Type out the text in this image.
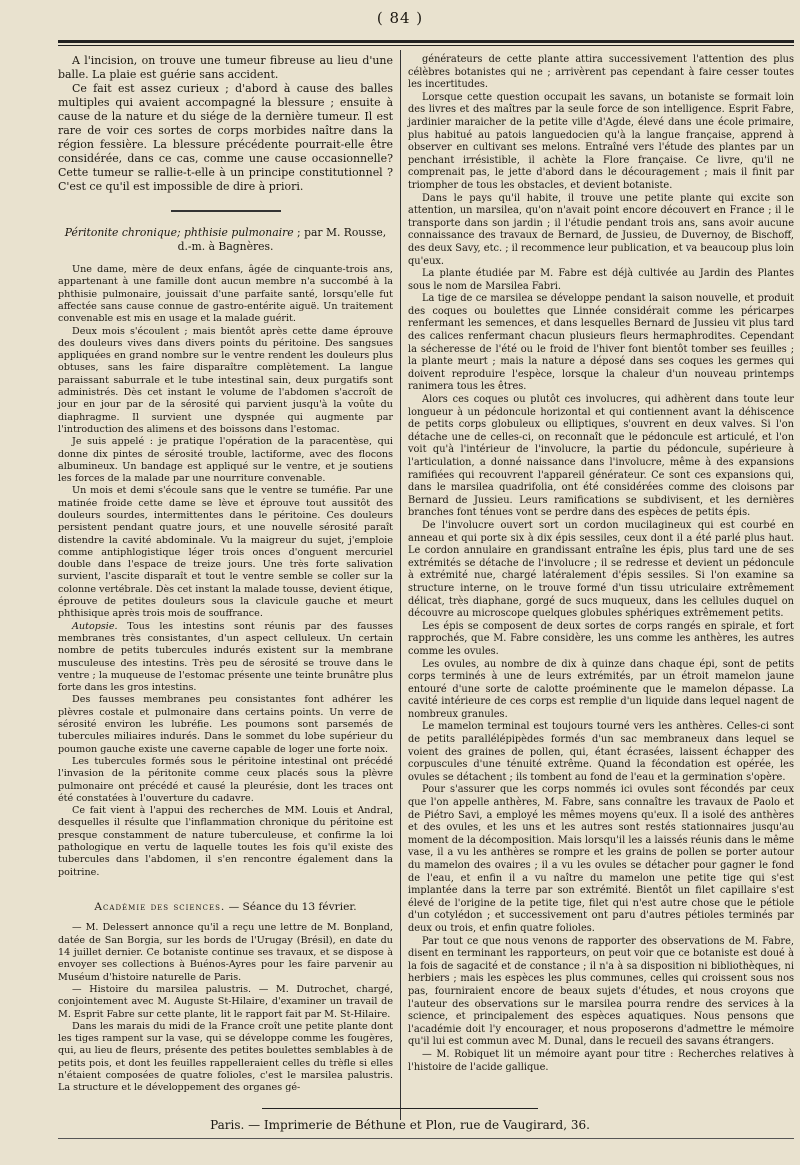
( 84 )

A l'incision, on trouve une tumeur fibreuse au lieu d'une balle. La plaie est guérie sans accident.

Ce fait est assez curieux ; d'abord à cause des balles multiples qui avaient accompagné la blessure ; ensuite à cause de la nature et du siége de la dernière tumeur. Il est rare de voir ces sortes de corps morbides naître dans la région fessière. La blessure précédente pourrait-elle être considérée, dans ce cas, comme une cause occasionnelle? Cette tumeur se rallie-t-elle à un principe constitutionnel ? C'est ce qu'il est impossible de dire à priori.

Péritonite chronique; phthisie pulmonaire ; par M. Rousse, d.-m. à Bagnères.

Une dame, mère de deux enfans, âgée de cinquante-trois ans, appartenant à une famille dont aucun membre n'a succombé à la phthisie pulmonaire, jouissait d'une parfaite santé, lorsqu'elle fut affectée sans cause connue de gastro-entérite aiguë. Un traitement convenable est mis en usage et la malade guérit.

Deux mois s'écoulent ; mais bientôt après cette dame éprouve des douleurs vives dans divers points du péritoine. Des sangsues appliquées en grand nombre sur le ventre rendent les douleurs plus obtuses, sans les faire disparaître complètement. La langue paraissant saburrale et le tube intestinal sain, deux purgatifs sont administrés. Dès cet instant le volume de l'abdomen s'accroît de jour en jour par de la sérosité qui parvient jusqu'à la voûte du diaphragme. Il survient une dyspnée qui augmente par l'introduction des alimens et des boissons dans l'estomac.

Je suis appelé : je pratique l'opération de la paracentèse, qui donne dix pintes de sérosité trouble, lactiforme, avec des flocons albumineux. Un bandage est appliqué sur le ventre, et je soutiens les forces de la malade par une nourriture convenable.

Un mois et demi s'écoule sans que le ventre se tuméfie. Par une matinée froide cette dame se lève et éprouve tout aussitôt des douleurs sourdes, intermittentes dans le péritoine. Ces douleurs persistent pendant quatre jours, et une nouvelle sérosité paraît distendre la cavité abdominale. Vu la maigreur du sujet, j'emploie comme antiphlogistique léger trois onces d'onguent mercuriel double dans l'espace de treize jours. Une très forte salivation survient, l'ascite disparaît et tout le ventre semble se coller sur la colonne vertébrale. Dès cet instant la malade tousse, devient étique, éprouve de petites douleurs sous la clavicule gauche et meurt phthisique après trois mois de souffrance.

Autopsie. Tous les intestins sont réunis par des fausses membranes très consistantes, d'un aspect celluleux. Un certain nombre de petits tubercules indurés existent sur la membrane musculeuse des intestins. Très peu de sérosité se trouve dans le ventre ; la muqueuse de l'estomac présente une teinte brunâtre plus forte dans les gros intestins.

Des fausses membranes peu consistantes font adhérer les plèvres costale et pulmonaire dans certains points. Un verre de sérosité environ les lubréfie. Les poumons sont parsemés de tubercules miliaires indurés. Dans le sommet du lobe supérieur du poumon gauche existe une caverne capable de loger une forte noix.

Les tubercules formés sous le péritoine intestinal ont précédé l'invasion de la péritonite comme ceux placés sous la plèvre pulmonaire ont précédé et causé la pleurésie, dont les traces ont été constatées à l'ouverture du cadavre.

Ce fait vient à l'appui des recherches de MM. Louis et Andral, desquelles il résulte que l'inflammation chronique du péritoine est presque constamment de nature tuberculeuse, et confirme la loi pathologique en vertu de laquelle toutes les fois qu'il existe des tubercules dans l'abdomen, il s'en rencontre également dans la poitrine.

Académie des sciences. — Séance du 13 février.

— M. Delessert annonce qu'il a reçu une lettre de M. Bonpland, datée de San Borgia, sur les bords de l'Urugay (Brésil), en date du 14 juillet dernier. Ce botaniste continue ses travaux, et se dispose à envoyer ses collections à Buénos-Ayres pour les faire parvenir au Muséum d'histoire naturelle de Paris.

— Histoire du marsilea palustris. — M. Dutrochet, chargé, conjointement avec M. Auguste St-Hilaire, d'examiner un travail de M. Esprit Fabre sur cette plante, lit le rapport fait par M. St-Hilaire.

Dans les marais du midi de la France croît une petite plante dont les tiges rampent sur la vase, qui se développe comme les fougères, qui, au lieu de fleurs, présente des petites boulettes semblables à de petits pois, et dont les feuilles rappelleraient celles du trèfle si elles n'étaient composées de quatre folioles, c'est le marsilea palustris. La structure et le développement des organes gé-

générateurs de cette plante attira successivement l'attention des plus célèbres botanistes qui ne ; arrivèrent pas cependant à faire cesser toutes les incertitudes.

Lorsque cette question occupait les savans, un botaniste se formait loin des livres et des maîtres par la seule force de son intelligence. Esprit Fabre, jardinier maraicher de la petite ville d'Agde, élevé dans une école primaire, plus habitué au patois languedocien qu'à la langue française, apprend à observer en cultivant ses melons. Entraîné vers l'étude des plantes par un penchant irrésistible, il achète la Flore française. Ce livre, qu'il ne comprenait pas, le jette d'abord dans le découragement ; mais il finit par triompher de tous les obstacles, et devient botaniste.

Dans le pays qu'il habite, il trouve une petite plante qui excite son attention, un marsilea, qu'on n'avait point encore découvert en France ; il le transporte dans son jardin ; il l'étudie pendant trois ans, sans avoir aucune connaissance des travaux de Bernard, de Jussieu, de Duvernoy, de Bischoff, des deux Savy, etc. ; il recommence leur publication, et va beaucoup plus loin qu'eux.

La plante étudiée par M. Fabre est déjà cultivée au Jardin des Plantes sous le nom de Marsilea Fabri.

La tige de ce marsilea se développe pendant la saison nouvelle, et produit des coques ou boulettes que Linnée considérait comme les péricarpes renfermant les semences, et dans lesquelles Bernard de Jussieu vit plus tard des calices renfermant chacun plusieurs fleurs hermaphrodites. Cependant la sécheresse de l'été ou le froid de l'hiver font bientôt tomber ses feuilles ; la plante meurt ; mais la nature a déposé dans ses coques les germes qui doivent reproduire l'espèce, lorsque la chaleur d'un nouveau printemps ranimera tous les êtres.

Alors ces coques ou plutôt ces involucres, qui adhèrent dans toute leur longueur à un pédoncule horizontal et qui contiennent avant la déhiscence de petits corps globuleux ou elliptiques, s'ouvrent en deux valves. Si l'on détache une de celles-ci, on reconnaît que le pédoncule est articulé, et l'on voit qu'à l'intérieur de l'involucre, la partie du pédoncule, supérieure à l'articulation, a donné naissance dans l'involucre, même à des expansions ramifiées qui recouvrent l'appareil générateur. Ce sont ces expansions qui, dans le marsilea quadrifolia, ont été considérées comme des cloisons par Bernard de Jussieu. Leurs ramifications se subdivisent, et les dernières branches font ténues vont se perdre dans des espèces de petits épis.

De l'involucre ouvert sort un cordon mucilagineux qui est courbé en anneau et qui porte six à dix épis sessiles, ceux dont il a été parlé plus haut. Le cordon annulaire en grandissant entraîne les épis, plus tard une de ses extrémités se détache de l'involucre ; il se redresse et devient un pédoncule à extrémité nue, chargé latéralement d'épis sessiles. Si l'on examine sa structure interne, on le trouve formé d'un tissu utriculaire extrêmement délicat, très diaphane, gorgé de sucs muqueux, dans les cellules duquel on découvre au microscope quelques globules sphériques extrêmement petits.

Les épis se composent de deux sortes de corps rangés en spirale, et fort rapprochés, que M. Fabre considère, les uns comme les anthères, les autres comme les ovules.

Les ovules, au nombre de dix à quinze dans chaque épi, sont de petits corps terminés à une de leurs extrémités, par un étroit mamelon jaune entouré d'une sorte de calotte proéminente que le mamelon dépasse. La cavité intérieure de ces corps est remplie d'un liquide dans lequel nagent de nombreux granules.

Le mamelon terminal est toujours tourné vers les anthères. Celles-ci sont de petits parallélépipèdes formés d'un sac membraneux dans lequel se voient des graines de pollen, qui, étant écrasées, laissent échapper des corpuscules d'une ténuité extrême. Quand la fécondation est opérée, les ovules se détachent ; ils tombent au fond de l'eau et la germination s'opère.

Pour s'assurer que les corps nommés ici ovules sont fécondés par ceux que l'on appelle anthères, M. Fabre, sans connaître les travaux de Paolo et de Piétro Savi, a employé les mêmes moyens qu'eux. Il a isolé des anthères et des ovules, et les uns et les autres sont restés stationnaires jusqu'au moment de la décomposition. Mais lorsqu'il les a laissés réunis dans le même vase, il a vu les anthères se rompre et les grains de pollen se porter autour du mamelon des ovaires ; il a vu les ovules se détacher pour gagner le fond de l'eau, et enfin il a vu naître du mamelon une petite tige qui s'est implantée dans la terre par son extrémité. Bientôt un filet capillaire s'est élevé de l'origine de la petite tige, filet qui n'est autre chose que le pétiole d'un cotylédon ; et successivement ont paru d'autres pétioles terminés par deux ou trois, et enfin quatre folioles.

Par tout ce que nous venons de rapporter des observations de M. Fabre, disent en terminant les rapporteurs, on peut voir que ce botaniste est doué à la fois de sagacité et de constance ; il n'a à sa disposition ni bibliothèques, ni herbiers ; mais les espèces les plus communes, celles qui croissent sous nos pas, fourniraient encore de beaux sujets d'études, et nous croyons que l'auteur des observations sur le marsilea pourra rendre des services à la science, et principalement des espèces aquatiques. Nous pensons que l'académie doit l'y encourager, et nous proposerons d'admettre le mémoire qu'il lui est commun avec M. Dunal, dans le recueil des savans étrangers.

— M. Robiquet lit un mémoire ayant pour titre : Recherches relatives à l'histoire de l'acide gallique.

Paris. — Imprimerie de Béthune et Plon, rue de Vaugirard, 36.
